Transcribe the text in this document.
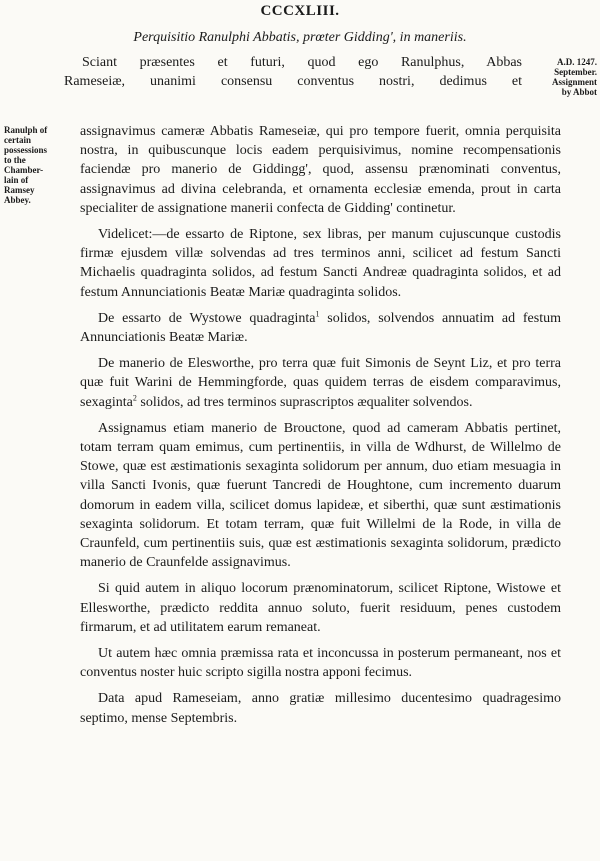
CCCXLIII.
Perquisitio Ranulphi Abbatis, prœter Gidding', in maneriis.

Sciant præsentes et futuri, quod ego Ranulphus, Abbas

Rameseiæ, unanimi consensu conventus nostri, dedimus et

A.D. 1247.
September.
Assignment
by Abbot
Ranulph of
certain
possessions
to the
Chamber-
lain of
Ramsey
Abbey.

assignavimus cameræ Abbatis Rameseiæ, qui pro tempore fuerit, omnia perquisita nostra, in quibuscunque locis eadem perquisivimus, nomine recompensationis faciendæ pro manerio de Giddingg', quod, assensu prænominati conventus, assignavimus ad divina celebranda, et ornamenta ecclesiæ emenda, prout in carta specialiter de assignatione manerii confecta de Gidding' continetur.

Videlicet:—de essarto de Riptone, sex libras, per manum cujuscunque custodis firmæ ejusdem villæ solvendas ad tres terminos anni, scilicet ad festum Sancti Michaelis quadraginta solidos, ad festum Sancti Andreæ quadraginta solidos, et ad festum Annunciationis Beatæ Mariæ quadraginta solidos.

De essarto de Wystowe quadraginta$^1$ solidos, solvendos annuatim ad festum Annunciationis Beatæ Mariæ.

De manerio de Elesworthe, pro terra quæ fuit Simonis de Seynt Liz, et pro terra quæ fuit Warini de Hemmingforde, quas quidem terras de eisdem comparavimus, sexaginta$^2$ solidos, ad tres terminos suprascriptos æqualiter solvendos.

Assignamus etiam manerio de Brouctone, quod ad cameram Abbatis pertinet, totam terram quam emimus, cum pertinentiis, in villa de Wdhurst, de Willelmo de Stowe, quæ est æstimationis sexaginta solidorum per annum, duo etiam mesuagia in villa Sancti Ivonis, quæ fuerunt Tancredi de Houghtone, cum incremento duarum domorum in eadem villa, scilicet domus lapideæ, et siberthi, quæ sunt æstimationis sexaginta solidorum. Et totam terram, quæ fuit Willelmi de la Rode, in villa de Craunfeld, cum pertinentiis suis, quæ est æstimationis sexaginta solidorum, prædicto manerio de Craunfelde assignavimus.

Si quid autem in aliquo locorum prænominatorum, scilicet Riptone, Wistowe et Ellesworthe, prædicto reddita annuo soluto, fuerit residuum, penes custodem firmarum, et ad utilitatem earum remaneat.

Ut autem hæc omnia præmissa rata et inconcussa in posterum permaneant, nos et conventus noster huic scripto sigilla nostra apponi fecimus.

Data apud Rameseiam, anno gratiæ millesimo ducentesimo quadragesimo septimo, mense Septembris.
